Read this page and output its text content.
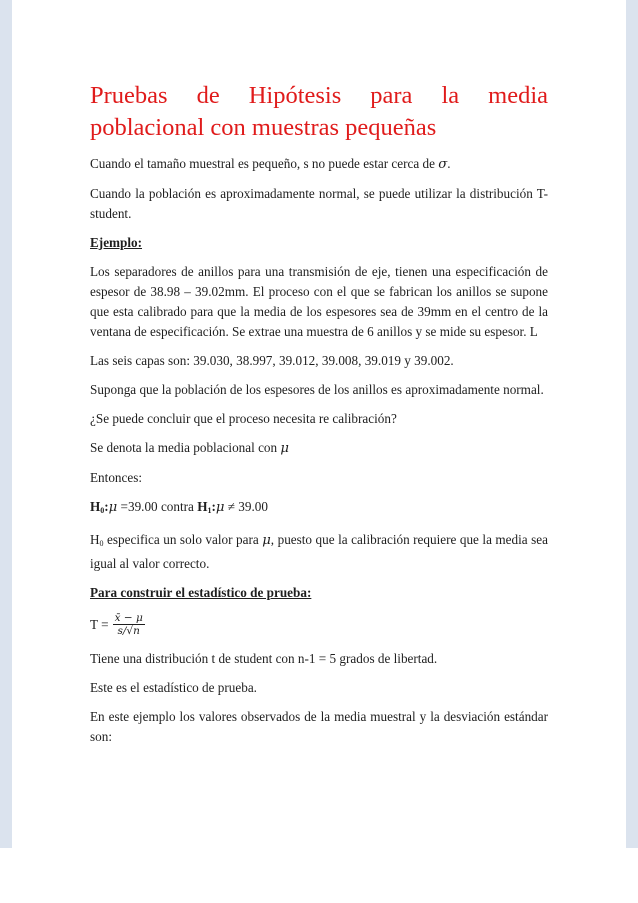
Pruebas de Hipótesis para la media poblacional con muestras pequeñas

Cuando el tamaño muestral es pequeño, s no puede estar cerca de σ.

Cuando la población es aproximadamente normal, se puede utilizar la distribución T-student.

Ejemplo:

Los separadores de anillos para una transmisión de eje, tienen una especificación de espesor de 38.98 – 39.02mm. El proceso con el que se fabrican los anillos se supone que esta calibrado para que la media de los espesores sea de 39mm en el centro de la ventana de especificación. Se extrae una muestra de 6 anillos y se mide su espesor. L

Las seis capas son: 39.030, 38.997, 39.012, 39.008, 39.019 y 39.002.

Suponga que la población de los espesores de los anillos es aproximadamente normal.

¿Se puede concluir que el proceso necesita re calibración?

Se denota la media poblacional con μ

Entonces:

$H_0:\mu =39.00$ contra $H_1:\mu \ne 39.00$

$H_0$ especifica un solo valor para μ, puesto que la calibración requiere que la media sea igual al valor correcto.

Para construir el estadístico de prueba:

$T = \frac{x̄ - \mu}{s/√n}$

Tiene una distribución t de student con n-1 = 5 grados de libertad.

Este es el estadístico de prueba.

En este ejemplo los valores observados de la media muestral y la desviación estándar son:
